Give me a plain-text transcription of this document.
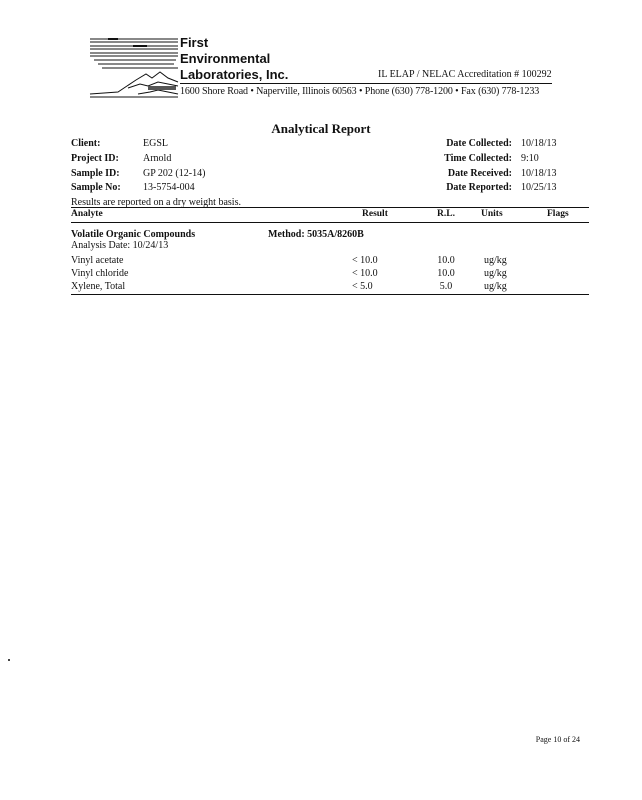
First
Environmental
Laboratories, Inc.	IL ELAP / NELAC Accreditation # 100292
1600 Shore Road • Naperville, Illinois 60563 • Phone (630) 778-1200 • Fax (630) 778-1233
Analytical Report
Client:	EGSL
Project ID: Arnold
Sample ID: GP 202 (12-14)
Sample No: 13-5754-004
Date Collected: 10/18/13
Time Collected: 9:10
Date Received: 10/18/13
Date Reported: 10/25/13
Results are reported on a dry weight basis.
Analyte	Result	R.L.	Units	Flags
Volatile Organic Compounds	Method: 5035A/8260B
Analysis Date: 10/24/13
Vinyl acetate	< 10.0	10.0	ug/kg
Vinyl chloride	< 10.0	10.0	ug/kg
Xylene, Total	< 5.0	5.0	ug/kg
Page 10 of 24
